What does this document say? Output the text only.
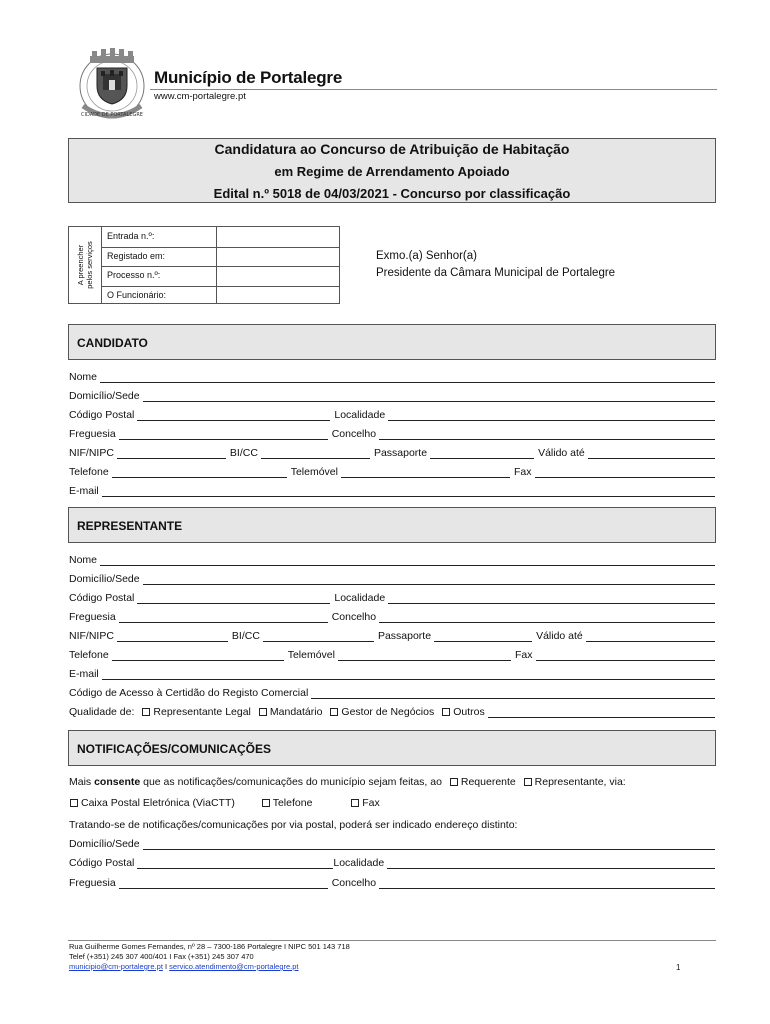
CIDADE DE PORTALEGRE
Município de Portalegre
www.cm-portalegre.pt
Candidatura ao Concurso de Atribuição de Habitação
em Regime de Arrendamento Apoiado
Edital n.º 5018 de 04/03/2021 - Concurso por classificação
A preencher pelos serviços
Entrada n.º:
Registado em:
Processo n.º:
O Funcionário:
Exmo.(a) Senhor(a)
Presidente da Câmara Municipal de Portalegre
CANDIDATO
Nome
Domicílio/Sede
Código Postal	Localidade
Freguesia	Concelho
NIF/NIPC	BI/CC	Passaporte	Válido até
Telefone	Telemóvel	Fax
E-mail
REPRESENTANTE
Nome
Domicílio/Sede
Código Postal	Localidade
Freguesia	Concelho
NIF/NIPC	BI/CC	Passaporte	Válido até
Telefone	Telemóvel	Fax
E-mail
Código de Acesso à Certidão do Registo Comercial
Qualidade de:	Representante Legal	Mandatário	Gestor de Negócios	Outros
NOTIFICAÇÕES/COMUNICAÇÕES
Mais consente que as notificações/comunicações do município sejam feitas, ao Requerente Representante, via:
Caixa Postal Eletrónica (ViaCTT)	Telefone	Fax
Tratando-se de notificações/comunicações por via postal, poderá ser indicado endereço distinto:
Domicílio/Sede
Código Postal	Localidade
Freguesia	Concelho
Rua Guilherme Gomes Fernandes, nº 28 – 7300-186 Portalegre I NIPC 501 143 718
Telef (+351) 245 307 400/401 I Fax (+351) 245 307 470
municipio@cm-portalegre.pt I servico.atendimento@cm-portalegre.pt	1
